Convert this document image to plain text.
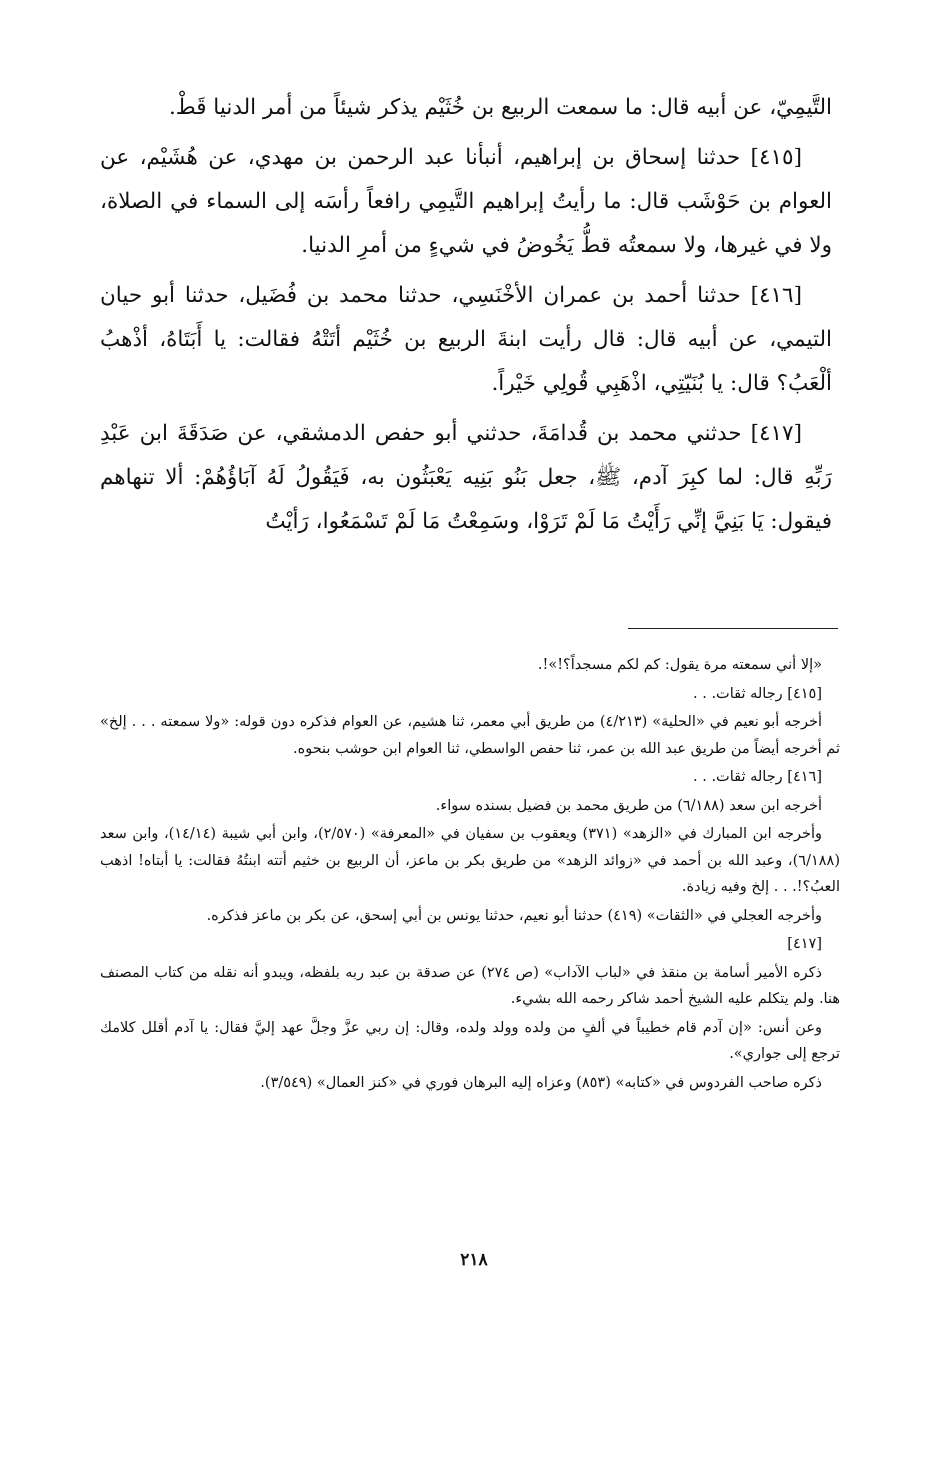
التَّيمِيّ، عن أبيه قال: ما سمعت الربيع بن خُثَيْم يذكر شيئاً من أمر الدنيا قَطْ.

[٤١٥] حدثنا إسحاق بن إبراهيم، أنبأنا عبد الرحمن بن مهدي، عن هُشَيْم، عن العوام بن حَوْشَب قال: ما رأيتُ إبراهيم التَّيمِي رافعاً رأسَه إلى السماء في الصلاة، ولا في غيرها، ولا سمعتُه قطُّ يَخُوضُ في شيءٍ من أمرِ الدنيا.

[٤١٦] حدثنا أحمد بن عمران الأخْنَسِي، حدثنا محمد بن فُضَيل، حدثنا أبو حيان التيمي، عن أبيه قال: قال رأيت ابنةَ الربيع بن خُثَيْم أتَتْهُ فقالت: يا أَبَتَاهُ، أذْهبُ ألْعَبُ؟ قال: يا بُنَيّتِي، اذْهَبِي قُولِي خَيْراً.

[٤١٧] حدثني محمد بن قُدامَةَ، حدثني أبو حفص الدمشقي، عن صَدَقَةَ ابن عَبْدِ رَبِّهِ قال: لما كبِرَ آدم، ﷺ، جعل بَنُو بَنِيه يَعْبَثُون به، فَيَقُولُ لَهُ آبَاؤُهُمْ: ألا تنهاهم فيقول: يَا بَنِيَّ إنِّي رَأَيْتُ مَا لَمْ تَرَوْا، وسَمِعْتُ مَا لَمْ تَسْمَعُوا، رَأيْتُ

«إلا أني سمعته مرة يقول: كم لكم مسجداً؟!»!.

[٤١٥] رجاله ثقات. . .

أخرجه أبو نعيم في «الحلية» (٤/٢١٣) من طريق أبي معمر، ثنا هشيم، عن العوام فذكره دون قوله: «ولا سمعته . . . إلخ» ثم أخرجه أيضاً من طريق عبد الله بن عمر، ثنا حفص الواسطي، ثنا العوام ابن حوشب بنحوه.

[٤١٦] رجاله ثقات. . .

أخرجه ابن سعد (٦/١٨٨) من طريق محمد بن فضيل بسنده سواء.

وأخرجه ابن المبارك في «الزهد» (٣٧١) ويعقوب بن سفيان في «المعرفة» (٢/٥٧٠)، وابن أبي شيبة (١٤/١٤)، وابن سعد (٦/١٨٨)، وعبد الله بن أحمد في «زوائد الزهد» من طريق بكر بن ماعز، أن الربيع بن خثيم أتته ابنتُهُ فقالت: يا أبتاه! اذهب العبُ؟!. . . إلخ وفيه زيادة.

وأخرجه العجلي في «الثقات» (٤١٩) حدثنا أبو نعيم، حدثنا يونس بن أبي إسحق، عن بكر بن ماعز فذكره.

[٤١٧]

ذكره الأمير أسامة بن منقذ في «لباب الآداب» (ص ٢٧٤) عن صدقة بن عبد ربه بلفظه، ويبدو أنه نقله من كتاب المصنف هنا. ولم يتكلم عليه الشيخ أحمد شاكر رحمه الله بشيء.

وعن أنس: «إن آدم قام خطيباً في ألفٍ من ولده وولد ولده، وقال: إن ربي عزَّ وجلَّ عهد إليَّ فقال: يا آدم أقلل كلامك ترجع إلى جواري».

ذكره صاحب الفردوس في «كتابه» (٨٥٣) وعزاه إليه البرهان فوري في «كنز العمال» (٣/٥٤٩).

٢١٨
